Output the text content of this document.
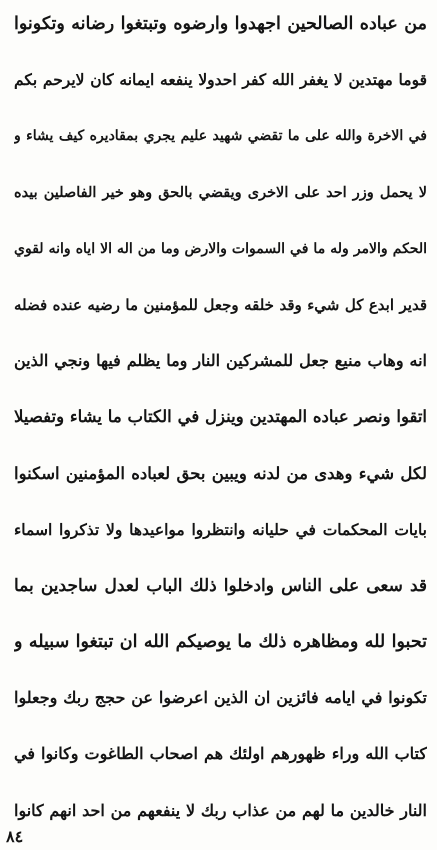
من عباده الصالحين اجهدوا وارضوه وتبتغوا رضانه وتكونوا
قوما مهتدين لا يغفر الله كفر احدولا ينفعه ايمانه كان لايرحم بكم
في الاخرة والله على ما تقضي شهيد عليم يجري بمقاديره كيف يشاء و
لا يحمل وزر احد على الاخرى ويقضي بالحق وهو خير الفاصلين بيده
الحكم والامر وله ما في السموات والارض وما من اله الا اياه وانه لقوي
قدير ابدع كل شيء وقد خلقه وجعل للمؤمنين ما رضيه عنده فضله
انه وهاب منيع جعل للمشركين النار وما يظلم فيها ونجي الذين
اتقوا ونصر عباده المهتدين وينزل في الكتاب ما يشاء وتفصيلا
لكل شيء وهدى من لدنه ويبين بحق لعباده المؤمنين اسكنوا
بايات المحكمات في حليانه وانتظروا مواعيدها ولا تذكروا اسماء
قد سعى على الناس وادخلوا ذلك الباب لعدل ساجدين بما
تحبوا لله ومظاهره ذلك ما يوصيكم الله ان تبتغوا سبيله و
تكونوا في ايامه فائزين ان الذين اعرضوا عن حجج ربك وجعلوا
كتاب الله وراء ظهورهم اولئك هم اصحاب الطاغوت وكانوا في
النار خالدين ما لهم من عذاب ربك لا ينفعهم من احد انهم كانوا
٨٤
